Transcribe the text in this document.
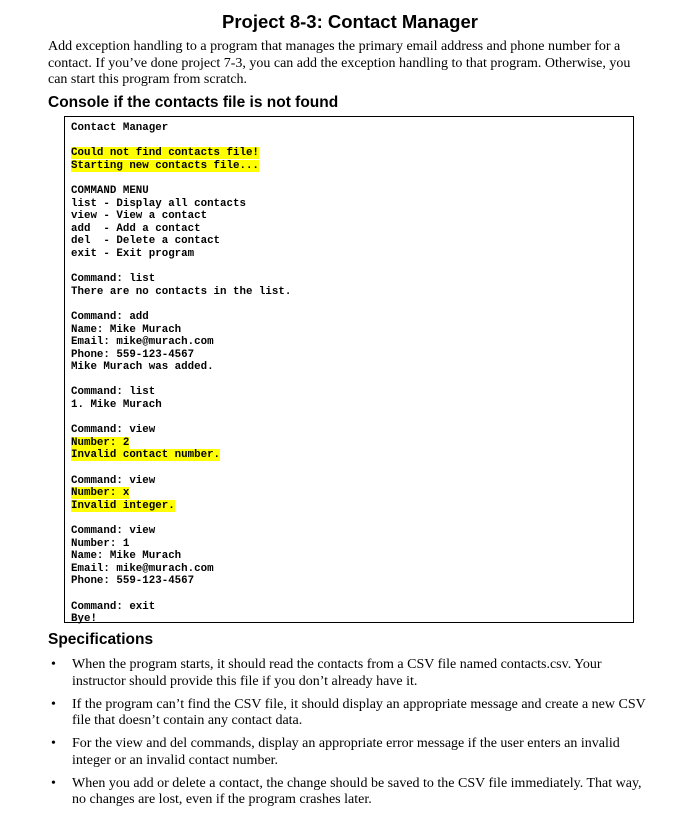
Project 8-3: Contact Manager
Add exception handling to a program that manages the primary email address and phone number for a contact. If you’ve done project 7-3, you can add the exception handling to that program. Otherwise, you can start this program from scratch.
Console if the contacts file is not found
Contact Manager
Could not find contacts file!
Starting new contacts file...
COMMAND MENU
list - Display all contacts
view - View a contact
add  - Add a contact
del  - Delete a contact
exit - Exit program
Command: list
There are no contacts in the list.
Command: add
Name: Mike Murach
Email: mike@murach.com
Phone: 559-123-4567
Mike Murach was added.
Command: list
1. Mike Murach
Command: view
Number: 2
Invalid contact number.
Command: view
Number: x
Invalid integer.
Command: view
Number: 1
Name: Mike Murach
Email: mike@murach.com
Phone: 559-123-4567
Command: exit
Bye!
Specifications
• When the program starts, it should read the contacts from a CSV file named contacts.csv. Your instructor should provide this file if you don’t already have it.
• If the program can’t find the CSV file, it should display an appropriate message and create a new CSV file that doesn’t contain any contact data.
• For the view and del commands, display an appropriate error message if the user enters an invalid integer or an invalid contact number.
• When you add or delete a contact, the change should be saved to the CSV file immediately. That way, no changes are lost, even if the program crashes later.
